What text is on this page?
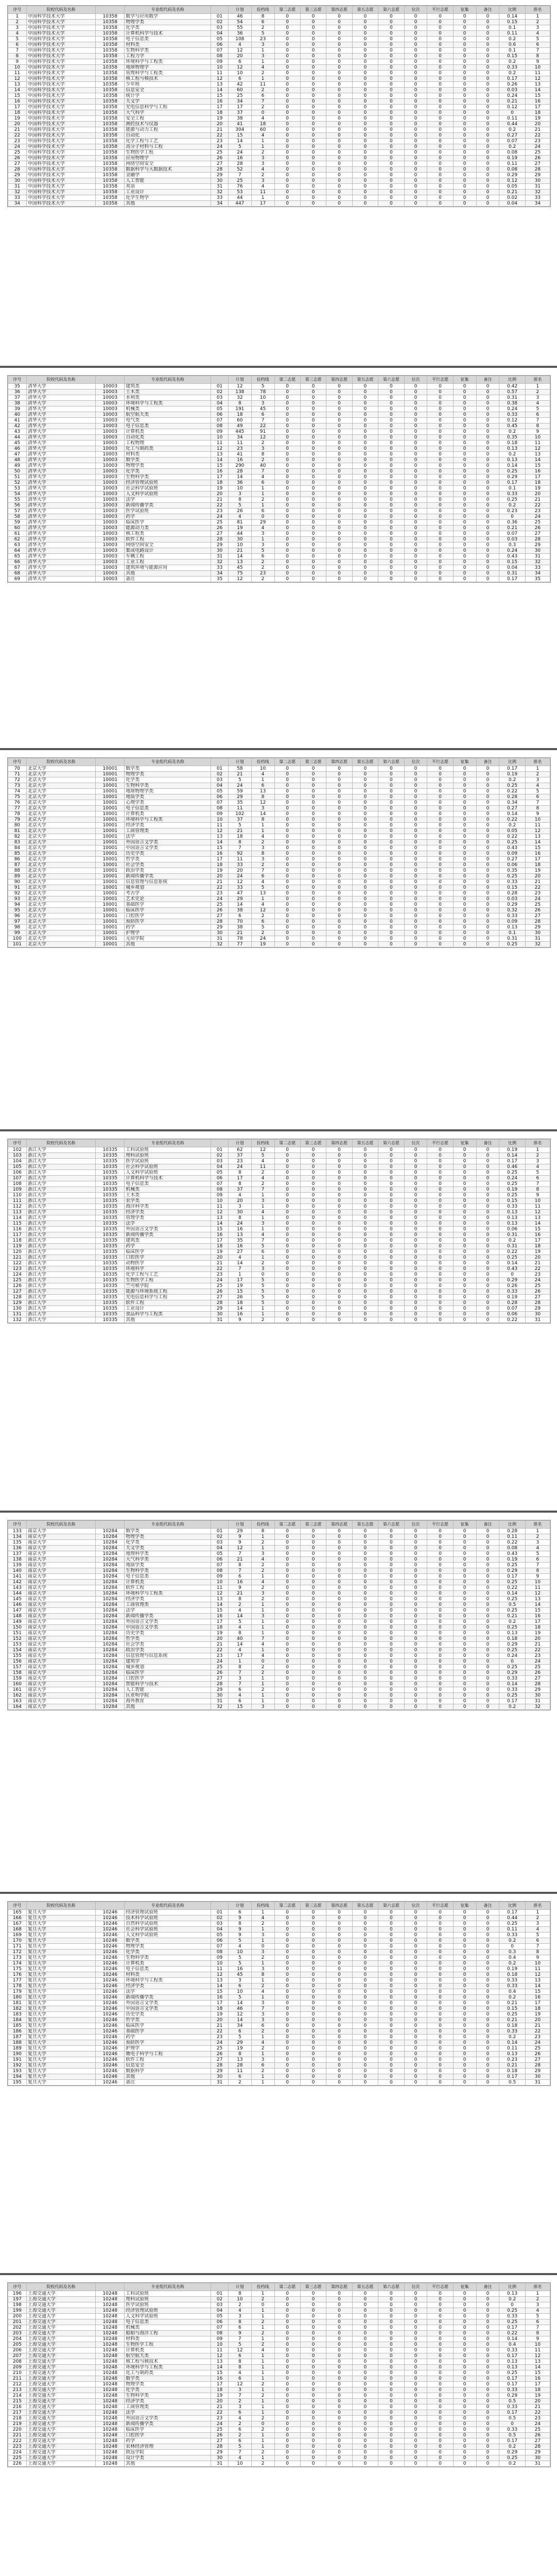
序号	院校代码及名称		专业组代码及名称		计划	投档线	第二志愿	第三志愿	第四志愿	第五志愿	第六志愿	位次	平行志愿	征集	备注	比例	排名
1	中国科学技术大学	10358	数学与应用数学	01	46	8	0	0	0	0	0	0	0	0	0	0.14	1
2	中国科学技术大学	10358	物理学类	02	54	6	0	0	0	0	0	0	0	0	0	0.15	2
3	中国科学技术大学	10358	化学类	03	55	2	0	0	0	0	0	0	0	0	0	0.1	3
4	中国科学技术大学	10358	计算机科学与技术	04	36	5	0	0	0	0	0	0	0	0	0	0.11	4
5	中国科学技术大学	10358	电子信息类	05	108	23	0	0	0	0	0	0	0	0	0	0.2	5
6	中国科学技术大学	10358	材料类	06	4	3	0	0	0	0	0	0	0	0	0	0.6	6
7	中国科学技术大学	10358	生物科学类	07	12	1	0	0	0	0	0	0	0	0	0	0.1	7
8	中国科学技术大学	10358	工程力学	08	20	3	0	0	0	0	0	0	0	0	0	0.15	8
9	中国科学技术大学	10358	环境科学与工程类	09	6	1	0	0	0	0	0	0	0	0	0	0.2	9
10	中国科学技术大学	10358	地球物理学	10	12	4	0	0	0	0	0	0	0	0	0	0.33	10
11	中国科学技术大学	10358	管理科学与工程类	11	10	2	0	0	0	0	0	0	0	0	0	0.2	11
12	中国科学技术大学	10358	核工程与核技术	12	6	1	0	0	0	0	0	0	0	0	0	0.17	12
13	中国科学技术大学	10358	少年班	13	42	11	0	0	0	0	0	0	0	0	0	0.26	13
14	中国科学技术大学	10358	信息安全	14	60	2	0	0	0	0	0	0	0	0	0	0.03	14
15	中国科学技术大学	10358	统计学	15	25	6	0	0	0	0	0	0	0	0	0	0.24	15
16	中国科学技术大学	10358	天文学	16	34	7	0	0	0	0	0	0	0	0	0	0.21	16
17	中国科学技术大学	10358	光电信息科学与工程	17	17	2	0	0	0	0	0	0	0	0	0	0.12	17
18	中国科学技术大学	10358	大气科学	18	37	0	0	0	0	0	0	0	0	0	0	0	18
19	中国科学技术大学	10358	安全工程	19	38	4	0	0	0	0	0	0	0	0	0	0.11	19
20	中国科学技术大学	10358	测控技术与仪器	20	41	18	0	0	0	0	0	0	0	0	0	0.44	20
21	中国科学技术大学	10358	能源与动力工程	21	304	60	0	0	0	0	0	0	0	0	0	0.2	21
22	中国科学技术大学	10358	自动化	22	15	4	0	0	0	0	0	0	0	0	0	0.27	22
23	中国科学技术大学	10358	化学工程与工艺	23	14	1	0	0	0	0	0	0	0	0	0	0.07	23
24	中国科学技术大学	10358	高分子材料与工程	24	5	1	0	0	0	0	0	0	0	0	0	0.2	24
25	中国科学技术大学	10358	生物医学工程	25	24	2	0	0	0	0	0	0	0	0	0	0.08	25
26	中国科学技术大学	10358	应用物理学	26	16	3	0	0	0	0	0	0	0	0	0	0.19	26
27	中国科学技术大学	10358	网络空间安全	27	28	3	0	0	0	0	0	0	0	0	0	0.11	27
28	中国科学技术大学	10358	数据科学与大数据技术	28	52	4	0	0	0	0	0	0	0	0	0	0.08	28
29	中国科学技术大学	10358	金融学	29	7	2	0	0	0	0	0	0	0	0	0	0.29	29
30	中国科学技术大学	10358	人工智能	30	25	3	0	0	0	0	0	0	0	0	0	0.12	30
31	中国科学技术大学	10358	英语	31	76	4	0	0	0	0	0	0	0	0	0	0.05	31
32	中国科学技术大学	10358	工业设计	32	53	11	0	0	0	0	0	0	0	0	0	0.21	32
33	中国科学技术大学	10358	化学生物学	33	44	1	0	0	0	0	0	0	0	0	0	0.02	33
34	中国科学技术大学	10358	其他	34	447	17	0	0	0	0	0	0	0	0	0	0.04	34
序号	院校代码及名称		专业组代码及名称		计划	投档线	第二志愿	第三志愿	第四志愿	第五志愿	第六志愿	位次	平行志愿	征集	备注	比例	排名
35	清华大学	10003	建筑类	01	12	5	0	0	0	0	0	0	0	0	0	0.42	1
36	清华大学	10003	土木类	02	138	78	0	0	0	0	0	0	0	0	0	0.57	2
37	清华大学	10003	水利类	03	32	10	0	0	0	0	0	0	0	0	0	0.31	3
38	清华大学	10003	环境科学与工程类	04	8	3	0	0	0	0	0	0	0	0	0	0.38	4
39	清华大学	10003	机械类	05	191	45	0	0	0	0	0	0	0	0	0	0.24	5
40	清华大学	10003	航空航天类	06	18	6	0	0	0	0	0	0	0	0	0	0.33	6
41	清华大学	10003	电气类	07	60	7	0	0	0	0	0	0	0	0	0	0.12	7
42	清华大学	10003	电子信息类	08	49	22	0	0	0	0	0	0	0	0	0	0.45	8
43	清华大学	10003	计算机类	09	445	91	0	0	0	0	0	0	0	0	0	0.2	9
44	清华大学	10003	自动化类	10	34	12	0	0	0	0	0	0	0	0	0	0.35	10
45	清华大学	10003	工程物理	11	11	2	0	0	0	0	0	0	0	0	0	0.18	11
46	清华大学	10003	化工与制药类	12	23	3	0	0	0	0	0	0	0	0	0	0.13	12
47	清华大学	10003	材料类	13	41	8	0	0	0	0	0	0	0	0	0	0.2	13
48	清华大学	10003	数学类	14	16	2	0	0	0	0	0	0	0	0	0	0.13	14
49	清华大学	10003	物理学类	15	290	40	0	0	0	0	0	0	0	0	0	0.14	15
50	清华大学	10003	化学类	16	28	7	0	0	0	0	0	0	0	0	0	0.25	16
51	清华大学	10003	生物科学类	17	14	4	0	0	0	0	0	0	0	0	0	0.29	17
52	清华大学	10003	经济管理试验班	18	36	6	0	0	0	0	0	0	0	0	0	0.17	18
53	清华大学	10003	社会科学试验班	19	10	1	0	0	0	0	0	0	0	0	0	0.1	19
54	清华大学	10003	人文科学试验班	20	3	1	0	0	0	0	0	0	0	0	0	0.33	20
55	清华大学	10003	法学	21	8	2	0	0	0	0	0	0	0	0	0	0.25	21
56	清华大学	10003	新闻传播学类	22	5	1	0	0	0	0	0	0	0	0	0	0.2	22
57	清华大学	10003	医学试验班	23	26	6	0	0	0	0	0	0	0	0	0	0.23	23
58	清华大学	10003	药学	24	4	0	0	0	0	0	0	0	0	0	0	0	24
59	清华大学	10003	临床医学	25	81	29	0	0	0	0	0	0	0	0	0	0.36	25
60	清华大学	10003	能源动力类	26	19	4	0	0	0	0	0	0	0	0	0	0.21	26
61	清华大学	10003	核工程类	27	44	3	0	0	0	0	0	0	0	0	0	0.07	27
62	清华大学	10003	软件工程	28	30	1	0	0	0	0	0	0	0	0	0	0.03	28
63	清华大学	10003	网络空间安全	29	10	3	0	0	0	0	0	0	0	0	0	0.3	29
64	清华大学	10003	集成电路设计	30	21	5	0	0	0	0	0	0	0	0	0	0.24	30
65	清华大学	10003	车辆工程	31	14	6	0	0	0	0	0	0	0	0	0	0.43	31
66	清华大学	10003	工业工程	32	13	2	0	0	0	0	0	0	0	0	0	0.15	32
67	清华大学	10003	建筑环境与能源应用	33	45	2	0	0	0	0	0	0	0	0	0	0.04	33
68	清华大学	10003	其他	34	75	23	0	0	0	0	0	0	0	0	0	0.31	34
69	清华大学	10003	备注	35	12	2	0	0	0	0	0	0	0	0	0	0.17	35
序号	院校代码及名称		专业组代码及名称		计划	投档线	第二志愿	第三志愿	第四志愿	第五志愿	第六志愿	位次	平行志愿	征集	备注	比例	排名
70	北京大学	10001	数学类	01	58	10	0	0	0	0	0	0	0	0	0	0.17	1
71	北京大学	10001	物理学类	02	21	4	0	0	0	0	0	0	0	0	0	0.19	2
72	北京大学	10001	化学类	03	5	1	0	0	0	0	0	0	0	0	0	0.2	3
73	北京大学	10001	生物科学类	04	24	6	0	0	0	0	0	0	0	0	0	0.25	4
74	北京大学	10001	地球物理学类	05	59	13	0	0	0	0	0	0	0	0	0	0.22	5
75	北京大学	10001	地质学类	06	29	8	0	0	0	0	0	0	0	0	0	0.28	6
76	北京大学	10001	心理学类	07	35	12	0	0	0	0	0	0	0	0	0	0.34	7
77	北京大学	10001	电子信息类	08	11	3	0	0	0	0	0	0	0	0	0	0.27	8
78	北京大学	10001	计算机类	09	102	14	0	0	0	0	0	0	0	0	0	0.14	9
79	北京大学	10001	环境科学与工程类	10	37	8	0	0	0	0	0	0	0	0	0	0.22	10
80	北京大学	10001	经济学类	11	5	1	0	0	0	0	0	0	0	0	0	0.2	11
81	北京大学	10001	工商管理类	12	21	1	0	0	0	0	0	0	0	0	0	0.05	12
82	北京大学	10001	法学	13	18	4	0	0	0	0	0	0	0	0	0	0.22	13
83	北京大学	10001	外国语言文学类	14	8	2	0	0	0	0	0	0	0	0	0	0.25	14
84	北京大学	10001	中国语言文学类	15	7	3	0	0	0	0	0	0	0	0	0	0.43	15
85	北京大学	10001	历史学类	16	92	8	0	0	0	0	0	0	0	0	0	0.09	16
86	北京大学	10001	哲学类	17	11	3	0	0	0	0	0	0	0	0	0	0.27	17
87	北京大学	10001	社会学类	18	33	2	0	0	0	0	0	0	0	0	0	0.06	18
88	北京大学	10001	政治学类	19	20	7	0	0	0	0	0	0	0	0	0	0.35	19
89	北京大学	10001	新闻传播学类	20	24	6	0	0	0	0	0	0	0	0	0	0.25	20
90	北京大学	10001	信息管理与信息系统	21	12	4	0	0	0	0	0	0	0	0	0	0.33	21
91	北京大学	10001	城乡规划	22	33	5	0	0	0	0	0	0	0	0	0	0.15	22
92	北京大学	10001	考古学	23	47	13	0	0	0	0	0	0	0	0	0	0.28	23
93	北京大学	10001	艺术史论	24	29	1	0	0	0	0	0	0	0	0	0	0.03	24
94	北京大学	10001	基础医学	25	14	4	0	0	0	0	0	0	0	0	0	0.29	25
95	北京大学	10001	临床医学	26	38	12	0	0	0	0	0	0	0	0	0	0.32	26
96	北京大学	10001	口腔医学	27	6	2	0	0	0	0	0	0	0	0	0	0.33	27
97	北京大学	10001	预防医学	28	70	6	0	0	0	0	0	0	0	0	0	0.09	28
98	北京大学	10001	药学	29	38	5	0	0	0	0	0	0	0	0	0	0.13	29
99	北京大学	10001	护理学	30	21	2	0	0	0	0	0	0	0	0	0	0.1	30
100	北京大学	10001	元培学院	31	78	24	0	0	0	0	0	0	0	0	0	0.31	31
101	北京大学	10001	其他	32	77	19	0	0	0	0	0	0	0	0	0	0.25	32
序号	院校代码及名称		专业组代码及名称		计划	投档线	第二志愿	第三志愿	第四志愿	第五志愿	第六志愿	位次	平行志愿	征集	备注	比例	排名
102	浙江大学	10335	工科试验班	01	62	12	0	0	0	0	0	0	0	0	0	0.19	1
103	浙江大学	10335	理科试验班	02	37	5	0	0	0	0	0	0	0	0	0	0.14	2
104	浙江大学	10335	医学试验班	03	23	4	0	0	0	0	0	0	0	0	0	0.17	3
105	浙江大学	10335	社会科学试验班	04	24	11	0	0	0	0	0	0	0	0	0	0.46	4
106	浙江大学	10335	人文科学试验班	05	8	2	0	0	0	0	0	0	0	0	0	0.25	5
107	浙江大学	10335	计算机科学与技术	06	17	4	0	0	0	0	0	0	0	0	0	0.24	6
108	浙江大学	10335	电子信息类	07	8	2	0	0	0	0	0	0	0	0	0	0.25	7
109	浙江大学	10335	机械类	08	37	7	0	0	0	0	0	0	0	0	0	0.19	8
110	浙江大学	10335	土木类	09	4	1	0	0	0	0	0	0	0	0	0	0.25	9
111	浙江大学	10335	农学类	10	20	3	0	0	0	0	0	0	0	0	0	0.15	10
112	浙江大学	10335	海洋科学类	11	3	1	0	0	0	0	0	0	0	0	0	0.33	11
113	浙江大学	10335	经济学类	12	30	4	0	0	0	0	0	0	0	0	0	0.13	12
114	浙江大学	10335	管理学类	13	8	1	0	0	0	0	0	0	0	0	0	0.13	13
115	浙江大学	10335	法学	14	24	3	0	0	0	0	0	0	0	0	0	0.13	14
116	浙江大学	10335	外国语言文学类	15	16	1	0	0	0	0	0	0	0	0	0	0.06	15
117	浙江大学	10335	新闻传播学类	16	13	4	0	0	0	0	0	0	0	0	0	0.31	16
118	浙江大学	10335	建筑类	17	35	7	0	0	0	0	0	0	0	0	0	0.2	17
119	浙江大学	10335	药学	18	16	5	0	0	0	0	0	0	0	0	0	0.31	18
120	浙江大学	10335	临床医学	19	27	6	0	0	0	0	0	0	0	0	0	0.22	19
121	浙江大学	10335	口腔医学	20	4	1	0	0	0	0	0	0	0	0	0	0.25	20
122	浙江大学	10335	动物医学	21	14	2	0	0	0	0	0	0	0	0	0	0.14	21
123	浙江大学	10335	环境科学	22	7	3	0	0	0	0	0	0	0	0	0	0.43	22
124	浙江大学	10335	化学工程与工艺	23	1	0	0	0	0	0	0	0	0	0	0	0	23
125	浙江大学	10335	生物医学工程	24	17	5	0	0	0	0	0	0	0	0	0	0.29	24
126	浙江大学	10335	竺可桢学院	25	19	5	0	0	0	0	0	0	0	0	0	0.26	25
127	浙江大学	10335	能源与环境系统工程	26	15	5	0	0	0	0	0	0	0	0	0	0.33	26
128	浙江大学	10335	光电信息科学与工程	27	26	5	0	0	0	0	0	0	0	0	0	0.19	27
129	浙江大学	10335	软件工程	28	18	5	0	0	0	0	0	0	0	0	0	0.28	28
130	浙江大学	10335	工业设计	29	14	1	0	0	0	0	0	0	0	0	0	0.07	29
131	浙江大学	10335	食品科学与工程类	30	16	1	0	0	0	0	0	0	0	0	0	0.06	30
132	浙江大学	10335	其他	31	9	2	0	0	0	0	0	0	0	0	0	0.22	31
序号	院校代码及名称		专业组代码及名称		计划	投档线	第二志愿	第三志愿	第四志愿	第五志愿	第六志愿	位次	平行志愿	征集	备注	比例	排名
133	南京大学	10284	数学类	01	29	8	0	0	0	0	0	0	0	0	0	0.28	1
134	南京大学	10284	物理学类	02	9	1	0	0	0	0	0	0	0	0	0	0.11	2
135	南京大学	10284	化学类	03	9	2	0	0	0	0	0	0	0	0	0	0.22	3
136	南京大学	10284	天文学类	04	12	1	0	0	0	0	0	0	0	0	0	0.08	4
137	南京大学	10284	地理科学类	05	7	3	0	0	0	0	0	0	0	0	0	0.43	5
138	南京大学	10284	大气科学类	06	21	4	0	0	0	0	0	0	0	0	0	0.19	6
139	南京大学	10284	地质学类	07	8	2	0	0	0	0	0	0	0	0	0	0.25	7
140	南京大学	10284	生物科学类	08	7	2	0	0	0	0	0	0	0	0	0	0.29	8
141	南京大学	10284	电子信息类	09	6	1	0	0	0	0	0	0	0	0	0	0.17	9
142	南京大学	10284	计算机类	10	16	4	0	0	0	0	0	0	0	0	0	0.25	10
143	南京大学	10284	软件工程	11	9	2	0	0	0	0	0	0	0	0	0	0.22	11
144	南京大学	10284	环境科学与工程类	12	21	3	0	0	0	0	0	0	0	0	0	0.14	12
145	南京大学	10284	经济学类	13	8	2	0	0	0	0	0	0	0	0	0	0.25	13
146	南京大学	10284	工商管理类	14	2	1	0	0	0	0	0	0	0	0	0	0.5	14
147	南京大学	10284	法学	15	4	1	0	0	0	0	0	0	0	0	0	0.25	15
148	南京大学	10284	新闻传播学类	16	14	3	0	0	0	0	0	0	0	0	0	0.21	16
149	南京大学	10284	外国语言文学类	17	5	1	0	0	0	0	0	0	0	0	0	0.2	17
150	南京大学	10284	中国语言文学类	18	4	1	0	0	0	0	0	0	0	0	0	0.25	18
151	南京大学	10284	历史学类	19	8	1	0	0	0	0	0	0	0	0	0	0.13	19
152	南京大学	10284	哲学类	20	40	7	0	0	0	0	0	0	0	0	0	0.18	20
153	南京大学	10284	社会学类	21	14	4	0	0	0	0	0	0	0	0	0	0.29	21
154	南京大学	10284	政治学类	22	4	1	0	0	0	0	0	0	0	0	0	0.25	22
155	南京大学	10284	信息管理与信息系统	23	17	4	0	0	0	0	0	0	0	0	0	0.24	23
156	南京大学	10284	建筑学	24	1	0	0	0	0	0	0	0	0	0	0	0	24
157	南京大学	10284	城乡规划	25	8	2	0	0	0	0	0	0	0	0	0	0.25	25
158	南京大学	10284	临床医学	26	7	2	0	0	0	0	0	0	0	0	0	0.29	26
159	南京大学	10284	口腔医学	27	3	1	0	0	0	0	0	0	0	0	0	0.33	27
160	南京大学	10284	智能科学与技术	28	7	1	0	0	0	0	0	0	0	0	0	0.14	28
161	南京大学	10284	人工智能	29	6	2	0	0	0	0	0	0	0	0	0	0.33	29
162	南京大学	10284	匡亚明学院	30	4	1	0	0	0	0	0	0	0	0	0	0.25	30
163	南京大学	10284	海外教育	31	6	1	0	0	0	0	0	0	0	0	0	0.17	31
164	南京大学	10284	其他	32	15	3	0	0	0	0	0	0	0	0	0	0.2	32
序号	院校代码及名称		专业组代码及名称		计划	投档线	第二志愿	第三志愿	第四志愿	第五志愿	第六志愿	位次	平行志愿	征集	备注	比例	排名
165	复旦大学	10246	经济管理试验班	01	6	1	0	0	0	0	0	0	0	0	0	0.17	1
166	复旦大学	10246	技术科学试验班	02	9	4	0	0	0	0	0	0	0	0	0	0.44	2
167	复旦大学	10246	自然科学试验班	03	8	2	0	0	0	0	0	0	0	0	0	0.25	3
168	复旦大学	10246	社会科学试验班	04	9	1	0	0	0	0	0	0	0	0	0	0.11	4
169	复旦大学	10246	人文科学试验班	05	9	3	0	0	0	0	0	0	0	0	0	0.33	5
170	复旦大学	10246	数学类	06	5	1	0	0	0	0	0	0	0	0	0	0.2	6
171	复旦大学	10246	物理学类	07	4	0	0	0	0	0	0	0	0	0	0	0	7
172	复旦大学	10246	化学类	08	10	3	0	0	0	0	0	0	0	0	0	0.3	8
173	复旦大学	10246	生物科学类	09	5	2	0	0	0	0	0	0	0	0	0	0.4	9
174	复旦大学	10246	计算机类	10	5	1	0	0	0	0	0	0	0	0	0	0.2	10
175	复旦大学	10246	电子信息类	11	16	3	0	0	0	0	0	0	0	0	0	0.19	11
176	复旦大学	10246	材料类	12	45	8	0	0	0	0	0	0	0	0	0	0.18	12
177	复旦大学	10246	环境科学与工程类	13	3	1	0	0	0	0	0	0	0	0	0	0.33	13
178	复旦大学	10246	经济学类	14	6	2	0	0	0	0	0	0	0	0	0	0.33	14
179	复旦大学	10246	法学	15	10	4	0	0	0	0	0	0	0	0	0	0.4	15
180	复旦大学	10246	新闻传播学类	16	5	1	0	0	0	0	0	0	0	0	0	0.2	16
181	复旦大学	10246	外国语言文学类	17	14	3	0	0	0	0	0	0	0	0	0	0.21	17
182	复旦大学	10246	中国语言文学类	18	46	7	0	0	0	0	0	0	0	0	0	0.15	18
183	复旦大学	10246	历史学类	19	12	3	0	0	0	0	0	0	0	0	0	0.25	19
184	复旦大学	10246	哲学类	20	14	3	0	0	0	0	0	0	0	0	0	0.21	20
185	复旦大学	10246	临床医学	21	34	6	0	0	0	0	0	0	0	0	0	0.18	21
186	复旦大学	10246	基础医学	22	6	2	0	0	0	0	0	0	0	0	0	0.33	22
187	复旦大学	10246	药学	23	5	1	0	0	0	0	0	0	0	0	0	0.2	23
188	复旦大学	10246	预防医学	24	29	4	0	0	0	0	0	0	0	0	0	0.14	24
189	复旦大学	10246	护理学	25	19	2	0	0	0	0	0	0	0	0	0	0.11	25
190	复旦大学	10246	微电子科学与工程	26	8	1	0	0	0	0	0	0	0	0	0	0.13	26
191	复旦大学	10246	软件工程	27	13	3	0	0	0	0	0	0	0	0	0	0.23	27
192	复旦大学	10246	信息安全	28	28	6	0	0	0	0	0	0	0	0	0	0.21	28
193	复旦大学	10246	数据科学	29	11	2	0	0	0	0	0	0	0	0	0	0.18	29
194	复旦大学	10246	其他	30	6	1	0	0	0	0	0	0	0	0	0	0.17	30
195	复旦大学	10246	备注	31	2	1	0	0	0	0	0	0	0	0	0	0.5	31
序号	院校代码及名称		专业组代码及名称		计划	投档线	第二志愿	第三志愿	第四志愿	第五志愿	第六志愿	位次	平行志愿	征集	备注	比例	排名
196	上海交通大学	10248	工科试验班	01	8	1	0	0	0	0	0	0	0	0	0	0.13	1
197	上海交通大学	10248	理科试验班	02	10	2	0	0	0	0	0	0	0	0	0	0.2	2
198	上海交通大学	10248	医学试验班	03	2	0	0	0	0	0	0	0	0	0	0	0	3
199	上海交通大学	10248	经济管理试验班	04	4	1	0	0	0	0	0	0	0	0	0	0.25	4
200	上海交通大学	10248	人文科学试验班	05	3	1	0	0	0	0	0	0	0	0	0	0.33	5
201	上海交通大学	10248	电子信息类	06	8	2	0	0	0	0	0	0	0	0	0	0.25	6
202	上海交通大学	10248	机械类	07	6	1	0	0	0	0	0	0	0	0	0	0.17	7
203	上海交通大学	10248	船舶与海洋工程	08	9	2	0	0	0	0	0	0	0	0	0	0.22	8
204	上海交通大学	10248	材料类	09	7	1	0	0	0	0	0	0	0	0	0	0.14	9
205	上海交通大学	10248	生物医学工程	10	5	2	0	0	0	0	0	0	0	0	0	0.4	10
206	上海交通大学	10248	计算机类	11	12	4	0	0	0	0	0	0	0	0	0	0.33	11
207	上海交通大学	10248	航空航天类	12	6	1	0	0	0	0	0	0	0	0	0	0.17	12
208	上海交通大学	10248	核工程与核技术	13	8	1	0	0	0	0	0	0	0	0	0	0.13	13
209	上海交通大学	10248	环境科学与工程类	14	8	1	0	0	0	0	0	0	0	0	0	0.13	14
210	上海交通大学	10248	化工与制药类	15	4	1	0	0	0	0	0	0	0	0	0	0.25	15
211	上海交通大学	10248	数学类	16	6	1	0	0	0	0	0	0	0	0	0	0.17	16
212	上海交通大学	10248	物理学类	17	12	2	0	0	0	0	0	0	0	0	0	0.17	17
213	上海交通大学	10248	化学类	18	3	1	0	0	0	0	0	0	0	0	0	0.33	18
214	上海交通大学	10248	生物科学类	19	7	2	0	0	0	0	0	0	0	0	0	0.29	19
215	上海交通大学	10248	经济学类	20	2	1	0	0	0	0	0	0	0	0	0	0.5	20
216	上海交通大学	10248	工商管理类	21	3	1	0	0	0	0	0	0	0	0	0	0.33	21
217	上海交通大学	10248	法学	22	6	1	0	0	0	0	0	0	0	0	0	0.17	22
218	上海交通大学	10248	外国语言文学类	23	4	2	0	0	0	0	0	0	0	0	0	0.5	23
219	上海交通大学	10248	新闻传播学类	24	2	0	0	0	0	0	0	0	0	0	0	0	24
220	上海交通大学	10248	临床医学	25	6	2	0	0	0	0	0	0	0	0	0	0.33	25
221	上海交通大学	10248	口腔医学	26	2	1	0	0	0	0	0	0	0	0	0	0.5	26
222	上海交通大学	10248	药学	27	6	1	0	0	0	0	0	0	0	0	0	0.17	27
223	上海交通大学	10248	农林经济管理	28	5	1	0	0	0	0	0	0	0	0	0	0.2	28
224	上海交通大学	10248	致远学院	29	7	2	0	0	0	0	0	0	0	0	0	0.29	29
225	上海交通大学	10248	设计学类	30	4	1	0	0	0	0	0	0	0	0	0	0.25	30
226	上海交通大学	10248	其他	31	10	2	0	0	0	0	0	0	0	0	0	0.2	31
